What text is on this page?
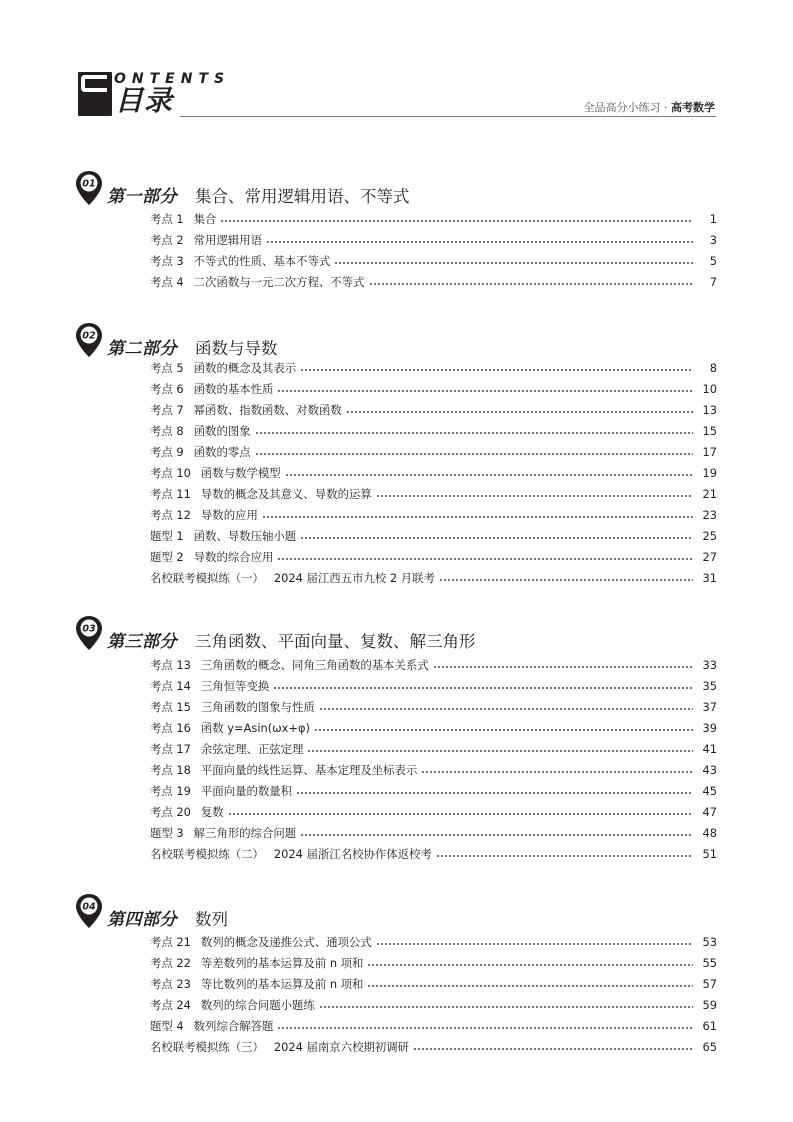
ONTENTS
目录	全品高分小练习 · 高考数学
01
第一部分 集合、常用逻辑用语、不等式
考点 1 集合	1
考点 2 常用逻辑用语	3
考点 3 不等式的性质、基本不等式	5
考点 4 二次函数与一元二次方程、不等式	7
02
第二部分 函数与导数
考点 5 函数的概念及其表示	8
考点 6 函数的基本性质	10
考点 7 幂函数、指数函数、对数函数	13
考点 8 函数的图象	15
考点 9 函数的零点	17
考点 10 函数与数学模型	19
考点 11 导数的概念及其意义、导数的运算	21
考点 12 导数的应用	23
题型 1 函数、导数压轴小题	25
题型 2 导数的综合应用	27
名校联考模拟练（一） 2024 届江西五市九校 2 月联考	31
03
第三部分 三角函数、平面向量、复数、解三角形
考点 13 三角函数的概念、同角三角函数的基本关系式	33
考点 14 三角恒等变换	35
考点 15 三角函数的图象与性质	37
考点 16 函数 y=Asin(ωx+φ)	39
考点 17 余弦定理、正弦定理	41
考点 18 平面向量的线性运算、基本定理及坐标表示	43
考点 19 平面向量的数量积	45
考点 20 复数	47
题型 3 解三角形的综合问题	48
名校联考模拟练（二） 2024 届浙江名校协作体返校考	51
04
第四部分 数列
考点 21 数列的概念及递推公式、通项公式	53
考点 22 等差数列的基本运算及前 n 项和	55
考点 23 等比数列的基本运算及前 n 项和	57
考点 24 数列的综合问题小题练	59
题型 4 数列综合解答题	61
名校联考模拟练（三） 2024 届南京六校期初调研	65
